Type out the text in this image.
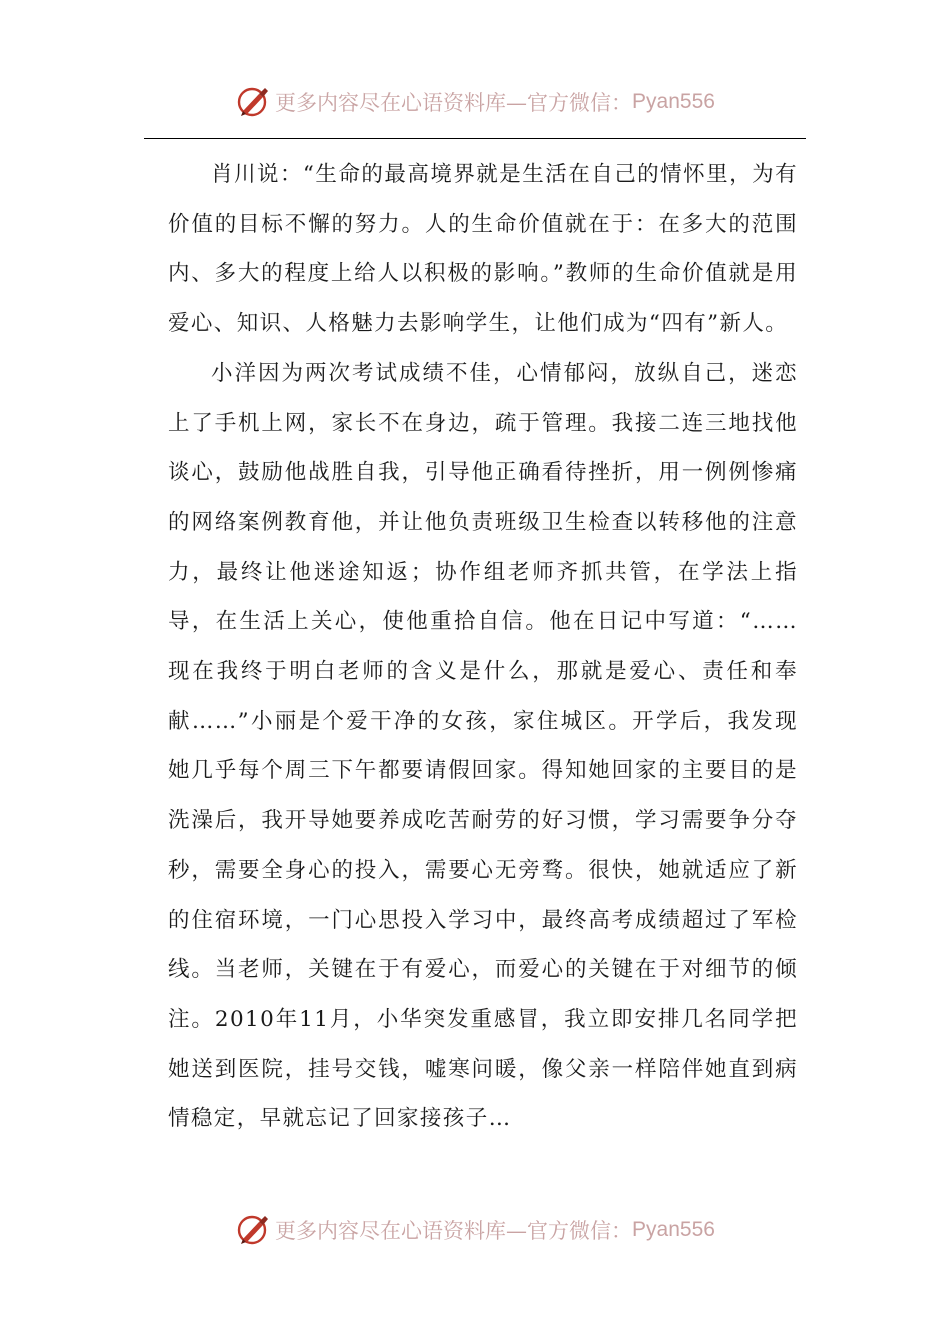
更多内容尽在心语资料库—官方微信： Pyan556

肖川说：“生命的最高境界就是生活在自己的情怀里，为有价值的目标不懈的努力。人的生命价值就在于：在多大的范围内、多大的程度上给人以积极的影响。”教师的生命价值就是用爱心、知识、人格魅力去影响学生，让他们成为“四有”新人。

小洋因为两次考试成绩不佳，心情郁闷，放纵自己，迷恋上了手机上网，家长不在身边，疏于管理。我接二连三地找他谈心，鼓励他战胜自我，引导他正确看待挫折，用一例例惨痛的网络案例教育他，并让他负责班级卫生检查以转移他的注意力，最终让他迷途知返；协作组老师齐抓共管，在学法上指导，在生活上关心，使他重拾自信。他在日记中写道：“……现在我终于明白老师的含义是什么，那就是爱心、责任和奉献……”小丽是个爱干净的女孩，家住城区。开学后，我发现她几乎每个周三下午都要请假回家。得知她回家的主要目的是洗澡后，我开导她要养成吃苦耐劳的好习惯，学习需要争分夺秒，需要全身心的投入，需要心无旁骛。很快，她就适应了新的住宿环境，一门心思投入学习中，最终高考成绩超过了军检线。当老师，关键在于有爱心，而爱心的关键在于对细节的倾注。2010年11月，小华突发重感冒，我立即安排几名同学把她送到医院，挂号交钱，嘘寒问暖，像父亲一样陪伴她直到病情稳定，早就忘记了回家接孩子…

更多内容尽在心语资料库—官方微信： Pyan556
